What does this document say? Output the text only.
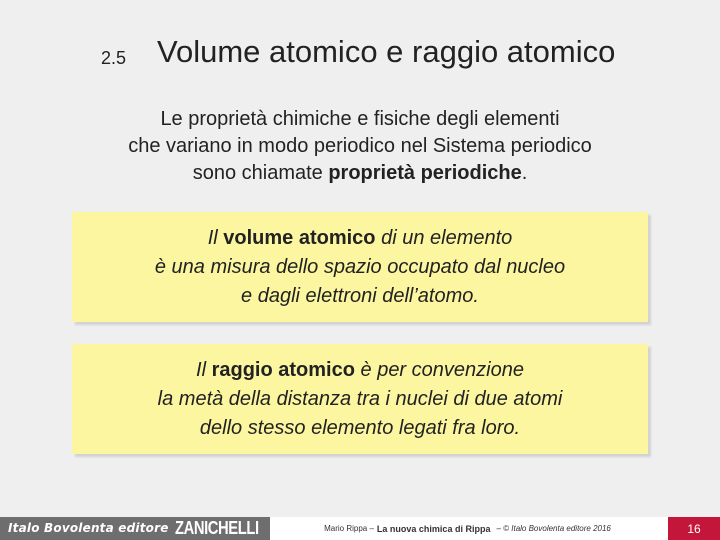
2.5 Volume atomico e raggio atomico
Le proprietà chimiche e fisiche degli elementi
che variano in modo periodico nel Sistema periodico
sono chiamate proprietà periodiche.
Il volume atomico di un elemento
è una misura dello spazio occupato dal nucleo
e dagli elettroni dell’atomo.
Il raggio atomico è per convenzione
la metà della distanza tra i nuclei di due atomi
dello stesso elemento legati fra loro.
Italo Bovolenta editore ZANICHELLI	Mario Rippa – La nuova chimica di Rippa – © Italo Bovolenta editore 2016	16
